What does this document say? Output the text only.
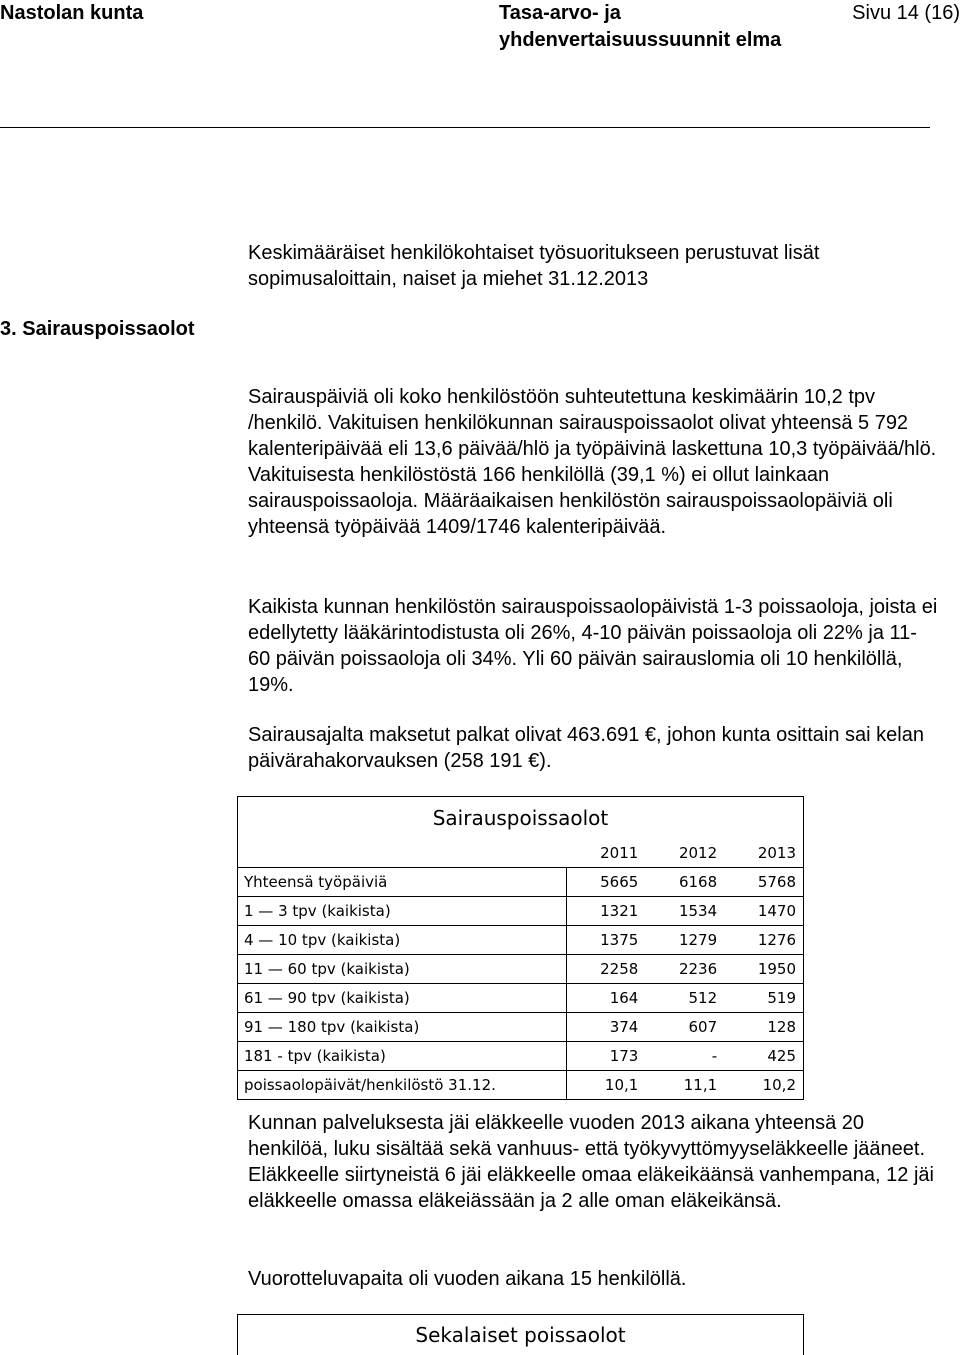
Nastolan kunta	Tasa-arvo- ja yhdenvertaisuussuunnit elma
Sivu 14 (16)

Keskimääräiset henkilökohtaiset työsuoritukseen perustuvat lisät sopimusaloittain, naiset ja miehet 31.12.2013

3. Sairauspoissaolot

Sairauspäiviä oli koko henkilöstöön suhteutettuna keskimäärin 10,2 tpv /henkilö. Vakituisen henkilökunnan sairauspoissaolot olivat yhteensä 5 792 kalenteripäivää eli 13,6 päivää/hlö ja työpäivinä laskettuna 10,3 työpäivää/hlö. Vakituisesta henkilöstöstä 166 henkilöllä (39,1 %) ei ollut lainkaan sairauspoissaoloja. Määräaikaisen henkilöstön sairauspoissaolopäiviä oli yhteensä työpäivää 1409/1746 kalenteripäivää.

Kaikista kunnan henkilöstön sairauspoissaolopäivistä 1-3 poissaoloja, joista ei edellytetty lääkärintodistusta oli 26%, 4-10 päivän poissaoloja oli 22% ja 11-60 päivän poissaoloja oli 34%. Yli 60 päivän sairauslomia oli 10 henkilöllä, 19%.

Sairausajalta maksetut palkat olivat 463.691 €, johon kunta osittain sai kelan päivärahakorvauksen (258 191 €).

Sairauspoissaolot
	2011	2012	2013
Yhteensä työpäiviä	5665	6168	5768
1 — 3 tpv (kaikista)	1321	1534	1470
4 — 10 tpv (kaikista)	1375	1279	1276
11 — 60 tpv (kaikista)	2258	2236	1950
61 — 90 tpv (kaikista)	164	512	519
91 — 180 tpv (kaikista)	374	607	128
181 - tpv (kaikista)	173	-	425
poissaolopäivät/henkilöstö 31.12.	10,1	11,1	10,2

Kunnan palveluksesta jäi eläkkeelle vuoden 2013 aikana yhteensä 20 henkilöä, luku sisältää sekä vanhuus- että työkyvyttömyyseläkkeelle jääneet. Eläkkeelle siirtyneistä 6 jäi eläkkeelle omaa eläkeikäänsä vanhempana, 12 jäi eläkkeelle omassa eläkeiässään ja 2 alle oman eläkeikänsä.

Vuorotteluvapaita oli vuoden aikana 15 henkilöllä.

Sekalaiset poissaolot
